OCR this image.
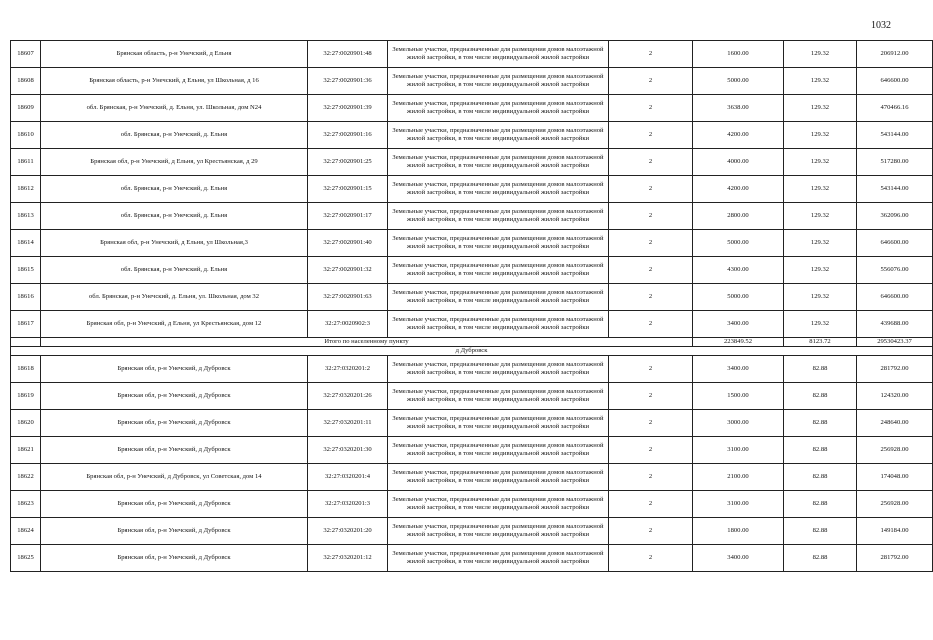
1032
18607	Брянская область, р-н Унечский, д Ельня	32:27:0020901:48	Земельные участки, предназначенные для размещения домов малоэтажной жилой застройки, в том числе индивидуальной жилой застройки	2	1600.00	129.32	206912.00
18608	Брянская область, р-н Унечский, д Ельня, ул Школьная, д 16	32:27:0020901:36	Земельные участки, предназначенные для размещения домов малоэтажной жилой застройки, в том числе индивидуальной жилой застройки	2	5000.00	129.32	646600.00
18609	обл. Брянская, р-н Унечский, д. Ельня, ул. Школьная, дом N24	32:27:0020901:39	Земельные участки, предназначенные для размещения домов малоэтажной жилой застройки, в том числе индивидуальной жилой застройки	2	3638.00	129.32	470466.16
18610	обл. Брянская, р-н Унечский, д. Ельня	32:27:0020901:16	Земельные участки, предназначенные для размещения домов малоэтажной жилой застройки, в том числе индивидуальной жилой застройки	2	4200.00	129.32	543144.00
18611	Брянская обл, р-н Унечский, д Ельня, ул Крестьянская, д 29	32:27:0020901:25	Земельные участки, предназначенные для размещения домов малоэтажной жилой застройки, в том числе индивидуальной жилой застройки	2	4000.00	129.32	517280.00
18612	обл. Брянская, р-н Унечский, д. Ельня	32:27:0020901:15	Земельные участки, предназначенные для размещения домов малоэтажной жилой застройки, в том числе индивидуальной жилой застройки	2	4200.00	129.32	543144.00
18613	обл. Брянская, р-н Унечский, д. Ельня	32:27:0020901:17	Земельные участки, предназначенные для размещения домов малоэтажной жилой застройки, в том числе индивидуальной жилой застройки	2	2800.00	129.32	362096.00
18614	Брянская обл, р-н Унечский, д Ельня, ул Школьная,3	32:27:0020901:40	Земельные участки, предназначенные для размещения домов малоэтажной жилой застройки, в том числе индивидуальной жилой застройки	2	5000.00	129.32	646600.00
18615	обл. Брянская, р-н Унечский, д. Ельня	32:27:0020901:32	Земельные участки, предназначенные для размещения домов малоэтажной жилой застройки, в том числе индивидуальной жилой застройки	2	4300.00	129.32	556076.00
18616	обл. Брянская, р-н Унечский, д. Ельня, ул. Школьная, дом 32	32:27:0020901:63	Земельные участки, предназначенные для размещения домов малоэтажной жилой застройки, в том числе индивидуальной жилой застройки	2	5000.00	129.32	646600.00
18617	Брянская обл, р-н Унечский, д Ельня, ул Крестьянская, дом 12	32:27:0020902:3	Земельные участки, предназначенные для размещения домов малоэтажной жилой застройки, в том числе индивидуальной жилой застройки	2	3400.00	129.32	439688.00
	Итого по населенному пункту				223849.52	8123.72	29530423.37
д Дубровск							
18618	Брянская обл, р-н Унечский, д Дубровск	32:27:0320201:2	Земельные участки, предназначенные для размещения домов малоэтажной жилой застройки, в том числе индивидуальной жилой застройки	2	3400.00	82.88	281792.00
18619	Брянская обл, р-н Унечский, д Дубровск	32:27:0320201:26	Земельные участки, предназначенные для размещения домов малоэтажной жилой застройки, в том числе индивидуальной жилой застройки	2	1500.00	82.88	124320.00
18620	Брянская обл, р-н Унечский, д Дубровск	32:27:0320201:11	Земельные участки, предназначенные для размещения домов малоэтажной жилой застройки, в том числе индивидуальной жилой застройки	2	3000.00	82.88	248640.00
18621	Брянская обл, р-н Унечский, д Дубровск	32:27:0320201:30	Земельные участки, предназначенные для размещения домов малоэтажной жилой застройки, в том числе индивидуальной жилой застройки	2	3100.00	82.88	256928.00
18622	Брянская обл, р-н Унечский, д Дубровск, ул Советская, дом 14	32:27:0320201:4	Земельные участки, предназначенные для размещения домов малоэтажной жилой застройки, в том числе индивидуальной жилой застройки	2	2100.00	82.88	174048.00
18623	Брянская обл, р-н Унечский, д Дубровск	32:27:0320201:3	Земельные участки, предназначенные для размещения домов малоэтажной жилой застройки, в том числе индивидуальной жилой застройки	2	3100.00	82.88	256928.00
18624	Брянская обл, р-н Унечский, д Дубровск	32:27:0320201:20	Земельные участки, предназначенные для размещения домов малоэтажной жилой застройки, в том числе индивидуальной жилой застройки	2	1800.00	82.88	149184.00
18625	Брянская обл, р-н Унечский, д Дубровск	32:27:0320201:12	Земельные участки, предназначенные для размещения домов малоэтажной жилой застройки, в том числе индивидуальной жилой застройки	2	3400.00	82.88	281792.00
